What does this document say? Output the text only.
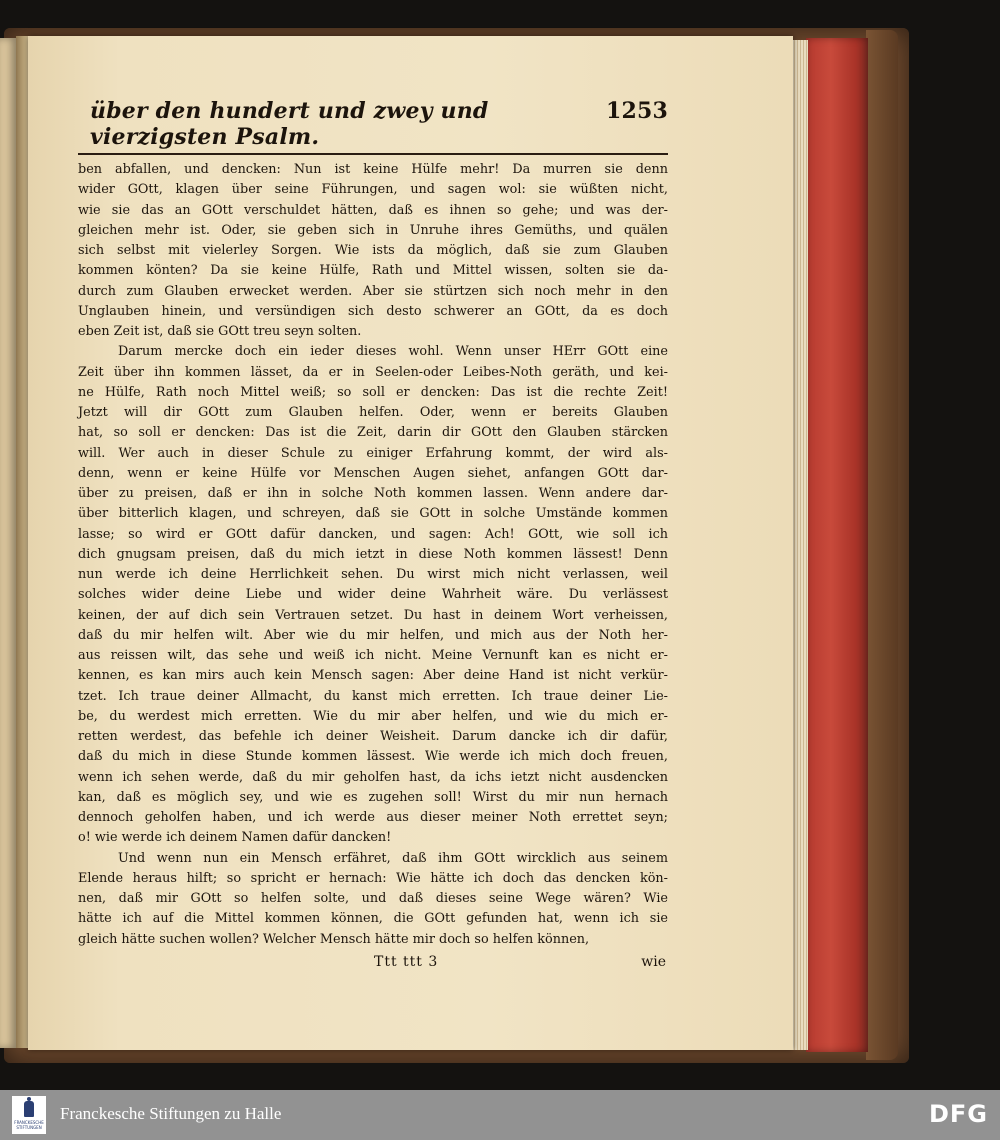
über den hundert und zwey und vierzigsten Psalm.
1253

ben abfallen, und dencken: Nun ist keine Hülfe mehr! Da murren sie denn
wider GOtt, klagen über seine Führungen, und sagen wol: sie wüßten nicht,
wie sie das an GOtt verschuldet hätten, daß es ihnen so gehe; und was der-
gleichen mehr ist. Oder, sie geben sich in Unruhe ihres Gemüths, und quälen
sich selbst mit vielerley Sorgen. Wie ists da möglich, daß sie zum Glauben
kommen könten? Da sie keine Hülfe, Rath und Mittel wissen, solten sie da-
durch zum Glauben erwecket werden. Aber sie stürtzen sich noch mehr in den
Unglauben hinein, und versündigen sich desto schwerer an GOtt, da es doch
eben Zeit ist, daß sie GOtt treu seyn solten.

Darum mercke doch ein ieder dieses wohl. Wenn unser HErr GOtt eine
Zeit über ihn kommen lässet, da er in Seelen-oder Leibes-Noth geräth, und kei-
ne Hülfe, Rath noch Mittel weiß; so soll er dencken: Das ist die rechte Zeit!
Jetzt will dir GOtt zum Glauben helfen. Oder, wenn er bereits Glauben
hat, so soll er dencken: Das ist die Zeit, darin dir GOtt den Glauben stärcken
will. Wer auch in dieser Schule zu einiger Erfahrung kommt, der wird als-
denn, wenn er keine Hülfe vor Menschen Augen siehet, anfangen GOtt dar-
über zu preisen, daß er ihn in solche Noth kommen lassen. Wenn andere dar-
über bitterlich klagen, und schreyen, daß sie GOtt in solche Umstände kommen
lasse; so wird er GOtt dafür dancken, und sagen: Ach! GOtt, wie soll ich
dich gnugsam preisen, daß du mich ietzt in diese Noth kommen lässest! Denn
nun werde ich deine Herrlichkeit sehen. Du wirst mich nicht verlassen, weil
solches wider deine Liebe und wider deine Wahrheit wäre. Du verlässest
keinen, der auf dich sein Vertrauen setzet. Du hast in deinem Wort verheissen,
daß du mir helfen wilt. Aber wie du mir helfen, und mich aus der Noth her-
aus reissen wilt, das sehe und weiß ich nicht. Meine Vernunft kan es nicht er-
kennen, es kan mirs auch kein Mensch sagen: Aber deine Hand ist nicht verkür-
tzet. Ich traue deiner Allmacht, du kanst mich erretten. Ich traue deiner Lie-
be, du werdest mich erretten. Wie du mir aber helfen, und wie du mich er-
retten werdest, das befehle ich deiner Weisheit. Darum dancke ich dir dafür,
daß du mich in diese Stunde kommen lässest. Wie werde ich mich doch freuen,
wenn ich sehen werde, daß du mir geholfen hast, da ichs ietzt nicht ausdencken
kan, daß es möglich sey, und wie es zugehen soll! Wirst du mir nun hernach
dennoch geholfen haben, und ich werde aus dieser meiner Noth errettet seyn;
o! wie werde ich deinem Namen dafür dancken!

Und wenn nun ein Mensch erfähret, daß ihm GOtt wircklich aus seinem
Elende heraus hilft; so spricht er hernach: Wie hätte ich doch das dencken kön-
nen, daß mir GOtt so helfen solte, und daß dieses seine Wege wären? Wie
hätte ich auf die Mittel kommen können, die GOtt gefunden hat, wenn ich sie
gleich hätte suchen wollen? Welcher Mensch hätte mir doch so helfen können,

Ttt ttt 3	wie
FRANCKESCHE STIFTUNGEN
Franckesche Stiftungen zu Halle	DFG
